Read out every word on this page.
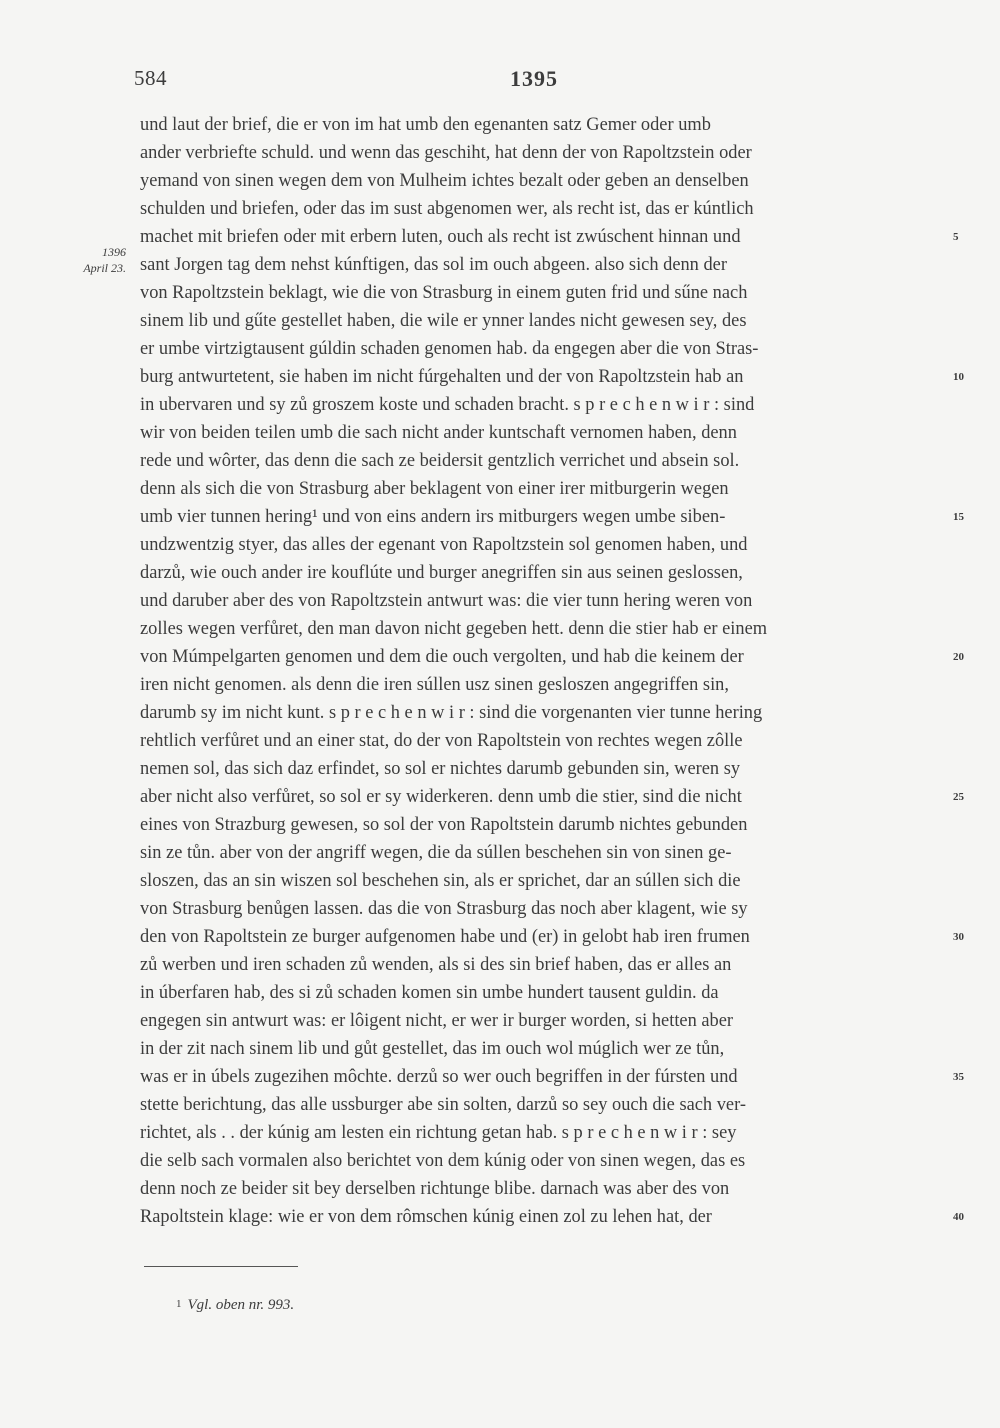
584	1395
1396
April 23.
und laut der brief, die er von im hat umb den egenanten satz Gemer oder umb
ander verbriefte schuld. und wenn das geschiht, hat denn der von Rapoltzstein oder
yemand von sinen wegen dem von Mulheim ichtes bezalt oder geben an denselben
schulden und briefen, oder das im sust abgenomen wer, als recht ist, das er kúntlich
machet mit briefen oder mit erbern luten, ouch als recht ist zwúschent hinnan und	5
sant Jorgen tag dem nehst kúnftigen, das sol im ouch abgeen. also sich denn der
von Rapoltzstein beklagt, wie die von Strasburg in einem guten frid und sűne nach
sinem lib und gűte gestellet haben, die wile er ynner landes nicht gewesen sey, des
er umbe virtzigtausent gúldin schaden genomen hab. da engegen aber die von Stras-
burg antwurtetent, sie haben im nicht fúrgehalten und der von Rapoltzstein hab an	10
in ubervaren und sy zů groszem koste und schaden bracht. s p r e c h e n w i r : sind
wir von beiden teilen umb die sach nicht ander kuntschaft vernomen haben, denn
rede und wôrter, das denn die sach ze beidersit gentzlich verrichet und absein sol.
denn als sich die von Strasburg aber beklagent von einer irer mitburgerin wegen
umb vier tunnen hering¹ und von eins andern irs mitburgers wegen umbe siben-	15
undzwentzig styer, das alles der egenant von Rapoltzstein sol genomen haben, und
darzů, wie ouch ander ire kouflúte und burger anegriffen sin aus seinen geslossen,
und daruber aber des von Rapoltzstein antwurt was: die vier tunn hering weren von
zolles wegen verfůret, den man davon nicht gegeben hett. denn die stier hab er einem
von Múmpelgarten genomen und dem die ouch vergolten, und hab die keinem der	20
iren nicht genomen. als denn die iren súllen usz sinen gesloszen angegriffen sin,
darumb sy im nicht kunt. s p r e c h e n w i r : sind die vorgenanten vier tunne hering
rehtlich verfůret und an einer stat, do der von Rapoltstein von rechtes wegen zôlle
nemen sol, das sich daz erfindet, so sol er nichtes darumb gebunden sin, weren sy
aber nicht also verfůret, so sol er sy widerkeren. denn umb die stier, sind die nicht	25
eines von Strazburg gewesen, so sol der von Rapoltstein darumb nichtes gebunden
sin ze tůn. aber von der angriff wegen, die da súllen beschehen sin von sinen ge-
sloszen, das an sin wiszen sol beschehen sin, als er sprichet, dar an súllen sich die
von Strasburg benůgen lassen. das die von Strasburg das noch aber klagent, wie sy
den von Rapoltstein ze burger aufgenomen habe und (er) in gelobt hab iren frumen	30
zů werben und iren schaden zů wenden, als si des sin brief haben, das er alles an
in úberfaren hab, des si zů schaden komen sin umbe hundert tausent guldin. da
engegen sin antwurt was: er lôigent nicht, er wer ir burger worden, si hetten aber
in der zit nach sinem lib und gůt gestellet, das im ouch wol múglich wer ze tůn,
was er in úbels zugezihen môchte. derzů so wer ouch begriffen in der fúrsten und	35
stette berichtung, das alle ussburger abe sin solten, darzů so sey ouch die sach ver-
richtet, als . . der kúnig am lesten ein richtung getan hab. s p r e c h e n w i r : sey
die selb sach vormalen also berichtet von dem kúnig oder von sinen wegen, das es
denn noch ze beider sit bey derselben richtunge blibe. darnach was aber des von
Rapoltstein klage: wie er von dem rômschen kúnig einen zol zu lehen hat, der	40
1 Vgl. oben nr. 993.
